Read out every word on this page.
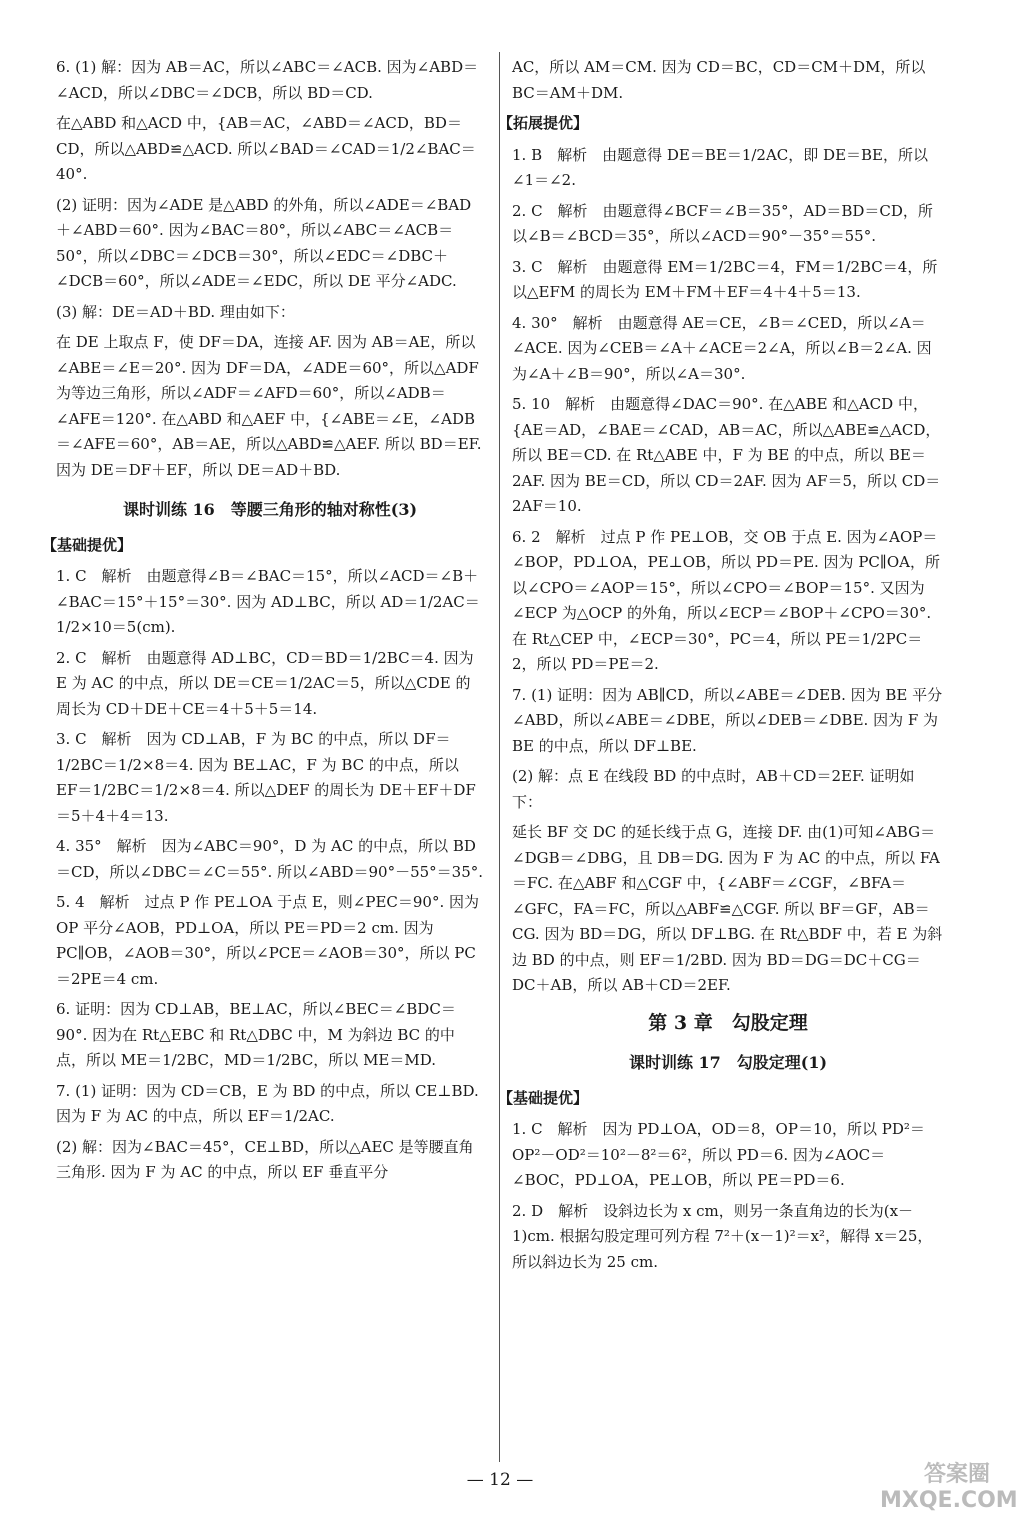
6. (1) 解：因为 AB＝AC，所以∠ABC＝∠ACB. 因为∠ABD＝∠ACD，所以∠DBC＝∠DCB，所以 BD＝CD.

在△ABD 和△ACD 中，{AB＝AC，∠ABD＝∠ACD，BD＝CD，所以△ABD≌△ACD. 所以∠BAD＝∠CAD＝1/2∠BAC＝40°.

(2) 证明：因为∠ADE 是△ABD 的外角，所以∠ADE＝∠BAD＋∠ABD＝60°. 因为∠BAC＝80°，所以∠ABC＝∠ACB＝50°，所以∠DBC＝∠DCB＝30°，所以∠EDC＝∠DBC＋∠DCB＝60°，所以∠ADE＝∠EDC，所以 DE 平分∠ADC.

(3) 解：DE＝AD＋BD. 理由如下：

在 DE 上取点 F，使 DF＝DA，连接 AF. 因为 AB＝AE，所以∠ABE＝∠E＝20°. 因为 DF＝DA，∠ADE＝60°，所以△ADF 为等边三角形，所以∠ADF＝∠AFD＝60°，所以∠ADB＝∠AFE＝120°. 在△ABD 和△AEF 中，{∠ABE＝∠E，∠ADB＝∠AFE＝60°，AB＝AE，所以△ABD≌△AEF. 所以 BD＝EF. 因为 DE＝DF＋EF，所以 DE＝AD＋BD.

课时训练 16　等腰三角形的轴对称性(3)
【基础提优】

1. C　解析　由题意得∠B＝∠BAC＝15°，所以∠ACD＝∠B＋∠BAC＝15°＋15°＝30°. 因为 AD⊥BC，所以 AD＝1/2AC＝1/2×10＝5(cm).

2. C　解析　由题意得 AD⊥BC，CD＝BD＝1/2BC＝4. 因为 E 为 AC 的中点，所以 DE＝CE＝1/2AC＝5，所以△CDE 的周长为 CD＋DE＋CE＝4＋5＋5＝14.

3. C　解析　因为 CD⊥AB，F 为 BC 的中点，所以 DF＝1/2BC＝1/2×8＝4. 因为 BE⊥AC，F 为 BC 的中点，所以 EF＝1/2BC＝1/2×8＝4. 所以△DEF 的周长为 DE＋EF＋DF＝5＋4＋4＝13.

4. 35°　解析　因为∠ABC＝90°，D 为 AC 的中点，所以 BD＝CD，所以∠DBC＝∠C＝55°. 所以∠ABD＝90°－55°＝35°.

5. 4　解析　过点 P 作 PE⊥OA 于点 E，则∠PEC＝90°. 因为 OP 平分∠AOB，PD⊥OA，所以 PE＝PD＝2 cm. 因为 PC∥OB，∠AOB＝30°，所以∠PCE＝∠AOB＝30°，所以 PC＝2PE＝4 cm.

6. 证明：因为 CD⊥AB，BE⊥AC，所以∠BEC＝∠BDC＝90°. 因为在 Rt△EBC 和 Rt△DBC 中，M 为斜边 BC 的中点，所以 ME＝1/2BC，MD＝1/2BC，所以 ME＝MD.

7. (1) 证明：因为 CD＝CB，E 为 BD 的中点，所以 CE⊥BD. 因为 F 为 AC 的中点，所以 EF＝1/2AC.

(2) 解：因为∠BAC＝45°，CE⊥BD，所以△AEC 是等腰直角三角形. 因为 F 为 AC 的中点，所以 EF 垂直平分

AC，所以 AM＝CM. 因为 CD＝BC，CD＝CM＋DM，所以 BC＝AM＋DM.

【拓展提优】

1. B　解析　由题意得 DE＝BE＝1/2AC，即 DE＝BE，所以∠1＝∠2.

2. C　解析　由题意得∠BCF＝∠B＝35°，AD＝BD＝CD，所以∠B＝∠BCD＝35°，所以∠ACD＝90°－35°＝55°.

3. C　解析　由题意得 EM＝1/2BC＝4，FM＝1/2BC＝4，所以△EFM 的周长为 EM＋FM＋EF＝4＋4＋5＝13.

4. 30°　解析　由题意得 AE＝CE，∠B＝∠CED，所以∠A＝∠ACE. 因为∠CEB＝∠A＋∠ACE＝2∠A，所以∠B＝2∠A. 因为∠A＋∠B＝90°，所以∠A＝30°.

5. 10　解析　由题意得∠DAC＝90°. 在△ABE 和△ACD 中，{AE＝AD，∠BAE＝∠CAD，AB＝AC，所以△ABE≌△ACD，所以 BE＝CD. 在 Rt△ABE 中，F 为 BE 的中点，所以 BE＝2AF. 因为 BE＝CD，所以 CD＝2AF. 因为 AF＝5，所以 CD＝2AF＝10.

6. 2　解析　过点 P 作 PE⊥OB，交 OB 于点 E. 因为∠AOP＝∠BOP，PD⊥OA，PE⊥OB，所以 PD＝PE. 因为 PC∥OA，所以∠CPO＝∠AOP＝15°，所以∠CPO＝∠BOP＝15°. 又因为∠ECP 为△OCP 的外角，所以∠ECP＝∠BOP＋∠CPO＝30°. 在 Rt△CEP 中，∠ECP＝30°，PC＝4，所以 PE＝1/2PC＝2，所以 PD＝PE＝2.

7. (1) 证明：因为 AB∥CD，所以∠ABE＝∠DEB. 因为 BE 平分∠ABD，所以∠ABE＝∠DBE，所以∠DEB＝∠DBE. 因为 F 为 BE 的中点，所以 DF⊥BE.

(2) 解：点 E 在线段 BD 的中点时，AB＋CD＝2EF. 证明如下：

延长 BF 交 DC 的延长线于点 G，连接 DF. 由(1)可知∠ABG＝∠DGB＝∠DBG，且 DB＝DG. 因为 F 为 AC 的中点，所以 FA＝FC. 在△ABF 和△CGF 中，{∠ABF＝∠CGF，∠BFA＝∠GFC，FA＝FC，所以△ABF≌△CGF. 所以 BF＝GF，AB＝CG. 因为 BD＝DG，所以 DF⊥BG. 在 Rt△BDF 中，若 E 为斜边 BD 的中点，则 EF＝1/2BD. 因为 BD＝DG＝DC＋CG＝DC＋AB，所以 AB＋CD＝2EF.

第 3 章　勾股定理
课时训练 17　勾股定理(1)
【基础提优】

1. C　解析　因为 PD⊥OA，OD＝8，OP＝10，所以 PD²＝OP²－OD²＝10²－8²＝6²，所以 PD＝6. 因为∠AOC＝∠BOC，PD⊥OA，PE⊥OB，所以 PE＝PD＝6.

2. D　解析　设斜边长为 x cm，则另一条直角边的长为(x－1)cm. 根据勾股定理可列方程 7²＋(x－1)²＝x²，解得 x＝25，所以斜边长为 25 cm.

— 12 —	答案圈 MXQE.COM
